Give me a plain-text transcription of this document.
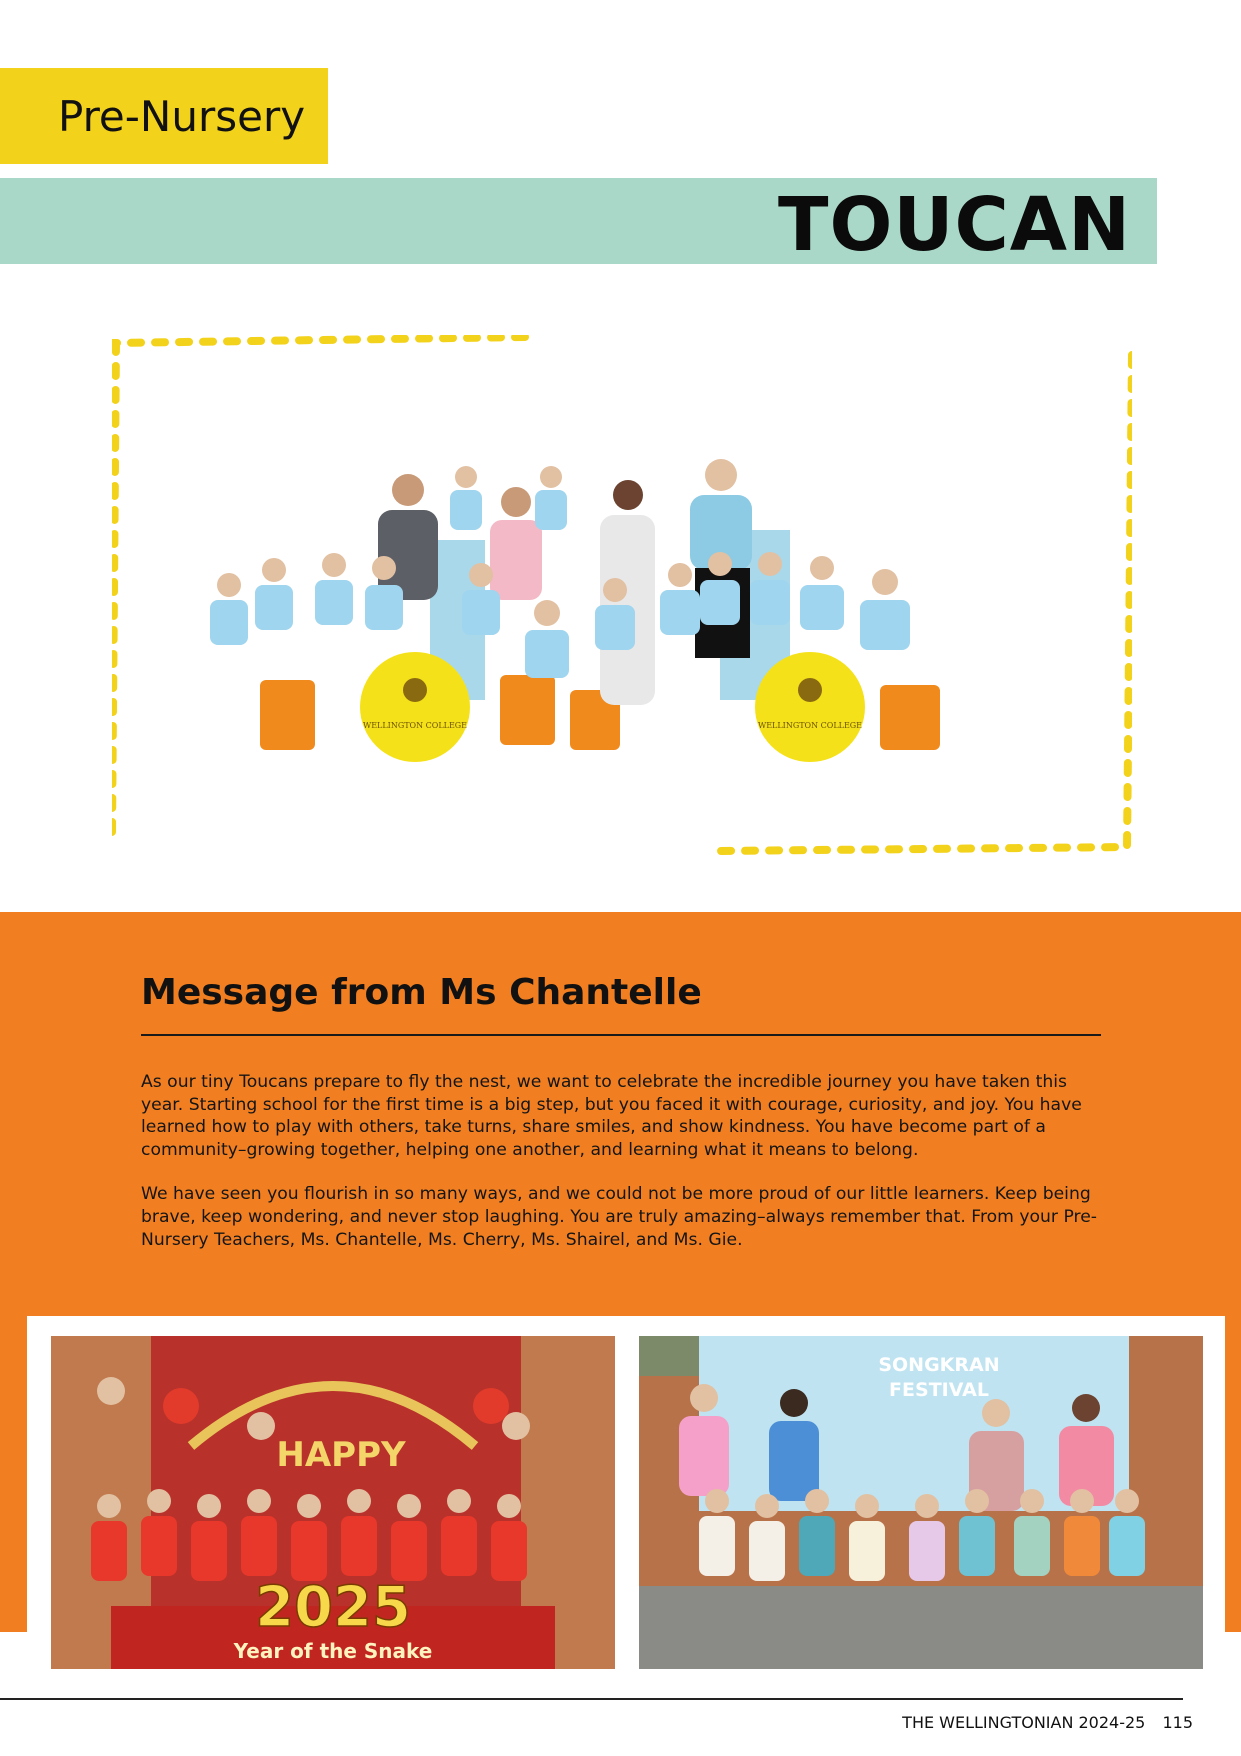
Pre-Nursery
TOUCAN
WELLINGTON COLLEGE	WELLINGTON COLLEGE
Message from Ms Chantelle

As our tiny Toucans prepare to fly the nest, we want to celebrate the incredible journey you have taken this year. Starting school for the first time is a big step, but you faced it with courage, curiosity, and joy. You have learned how to play with others, take turns, share smiles, and show kindness. You have become part of a community–growing together, helping one another, and learning what it means to belong.

We have seen you flourish in so many ways, and we could not be more proud of our little learners. Keep being brave, keep wondering, and never stop laughing. You are truly amazing–always remember that. From your Pre-Nursery Teachers, Ms. Chantelle, Ms. Cherry, Ms. Shairel, and Ms. Gie.

HAPPY
2025
Year of the Snake
SONGKRAN
FESTIVAL
THE WELLINGTONIAN 2024-25 115
